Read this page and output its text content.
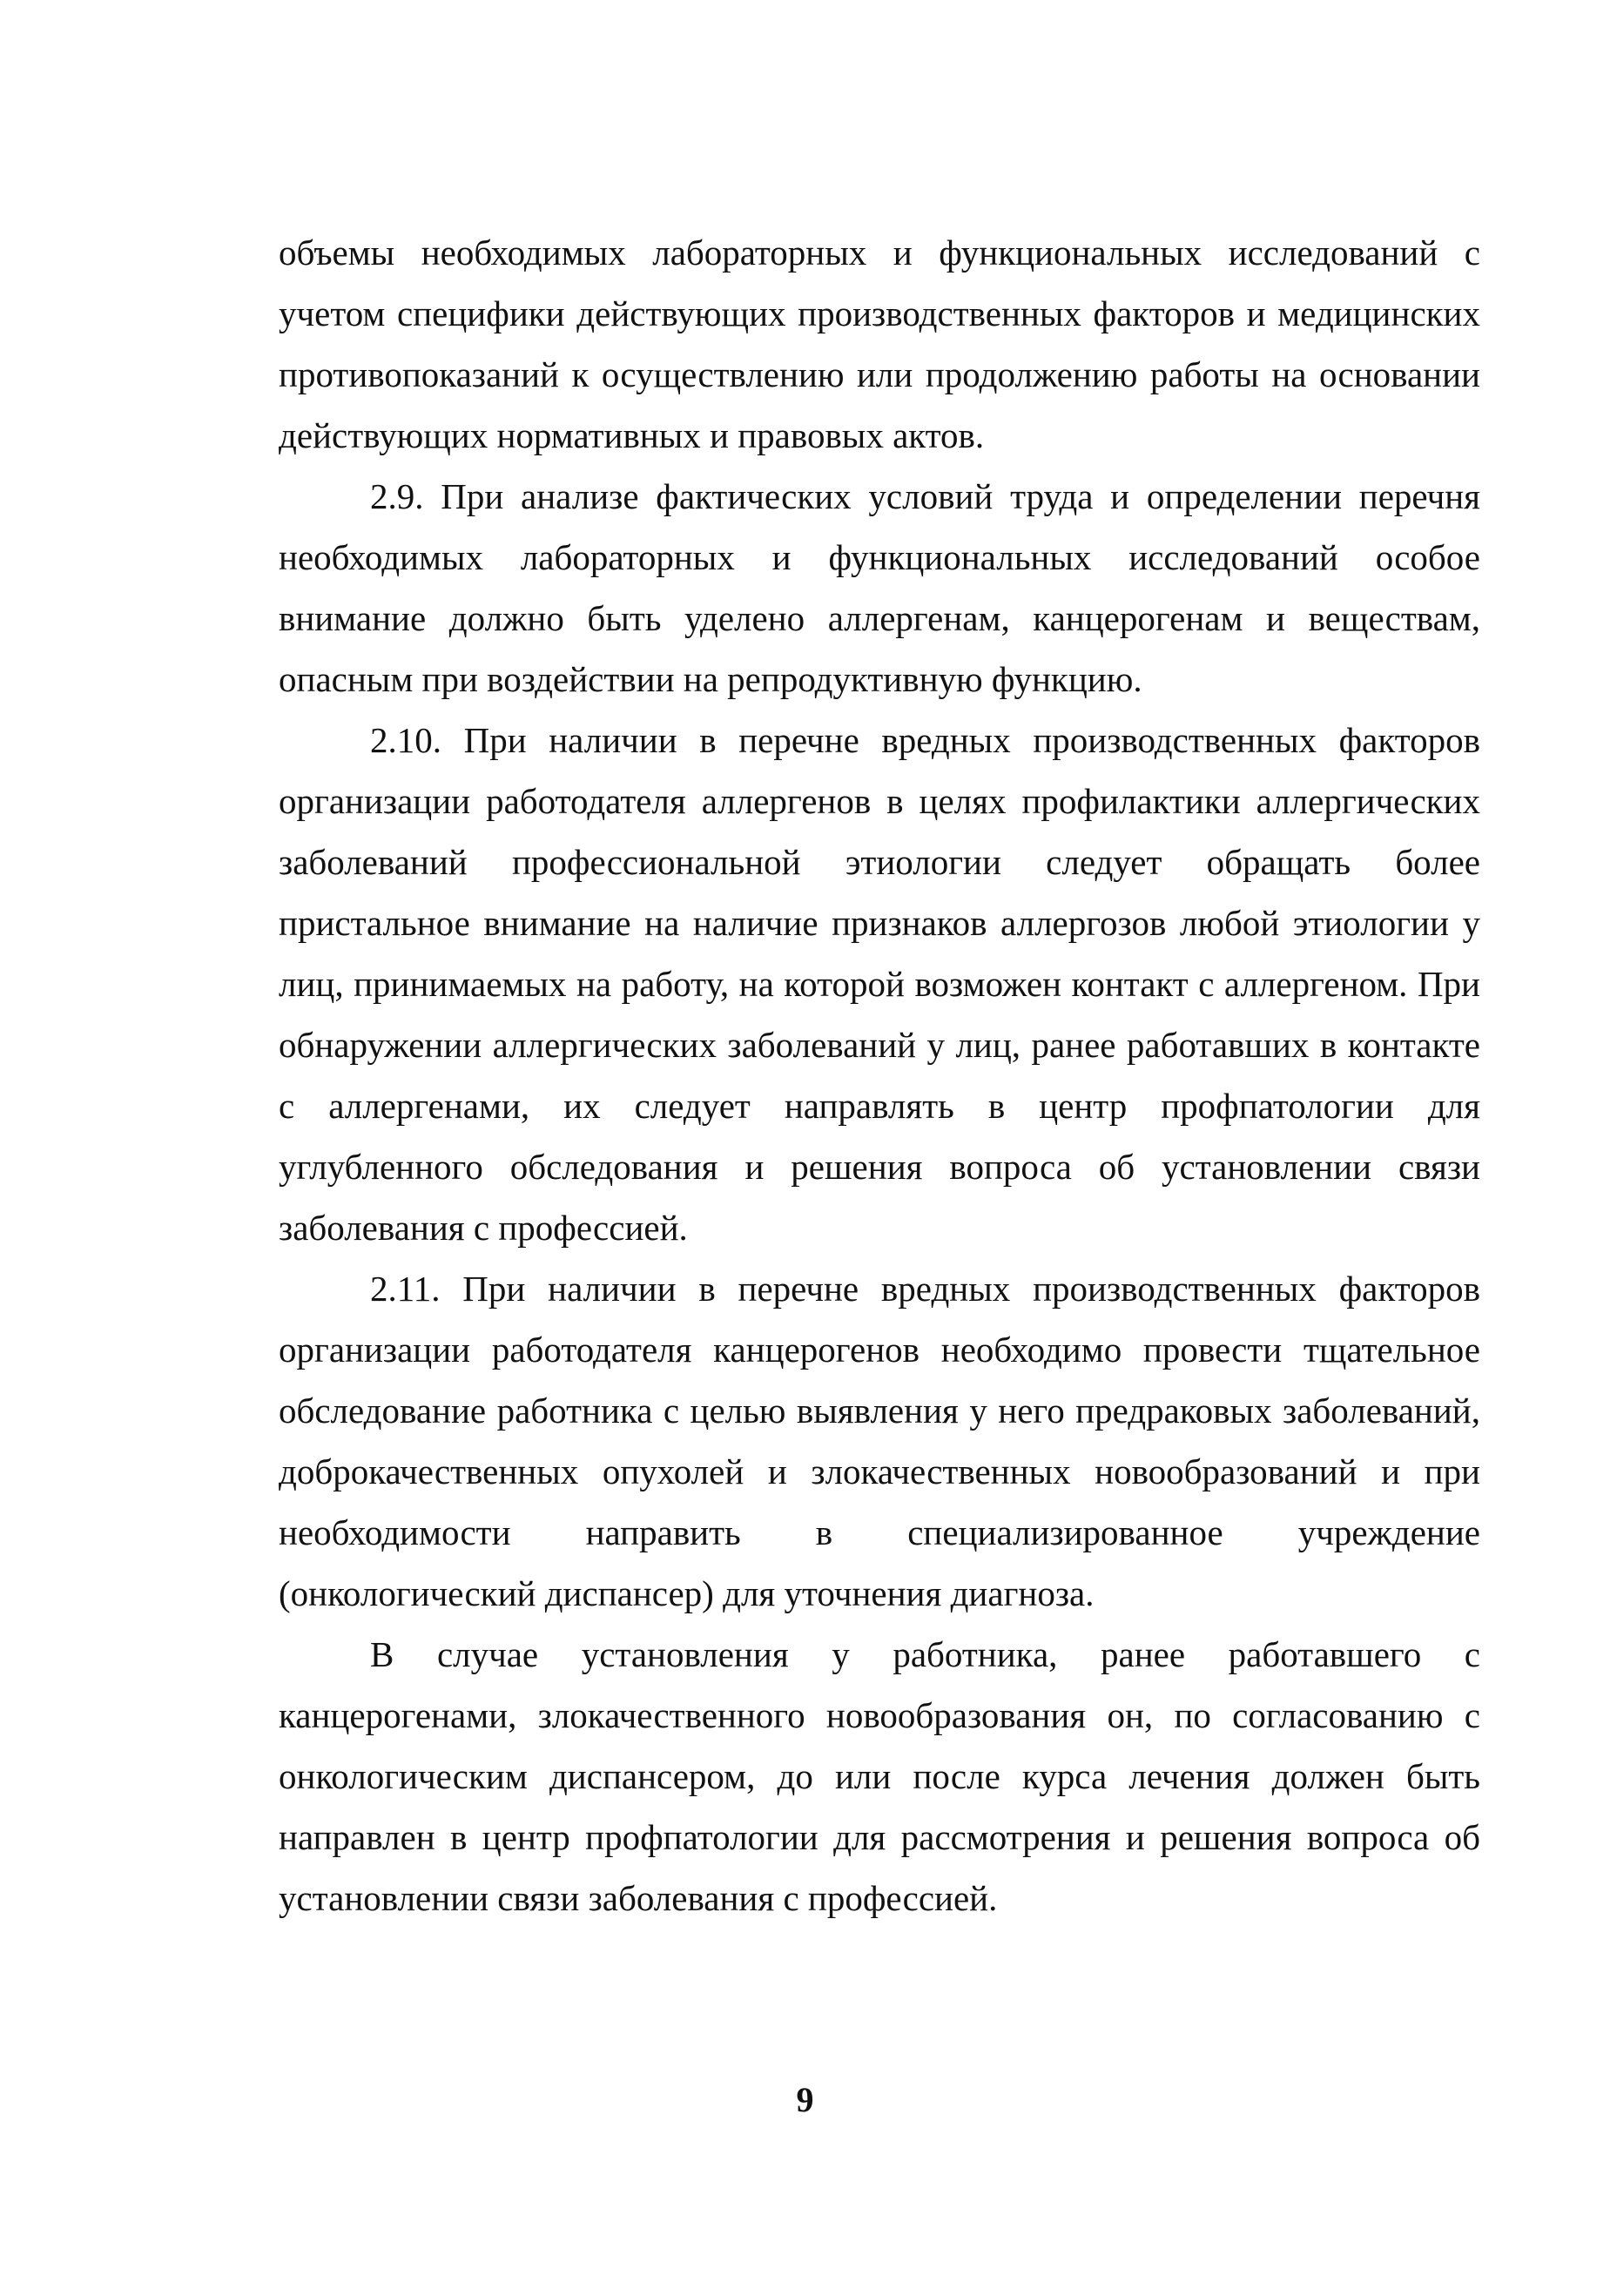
объемы необходимых лабораторных и функциональных исследований с учетом специфики действующих производственных факторов и медицинских противопоказаний к осуществлению или продолжению работы на основании действующих нормативных и правовых актов.

2.9. При анализе фактических условий труда и определении перечня необходимых лабораторных и функциональных исследований особое внимание должно быть уделено аллергенам, канцерогенам и веществам, опасным при воздействии на репродуктивную функцию.

2.10. При наличии в перечне вредных производственных факторов организации работодателя аллергенов в целях профилактики аллергических заболеваний профессиональной этиологии следует обращать более пристальное внимание на наличие признаков аллергозов любой этиологии у лиц, принимаемых на работу, на которой возможен контакт с аллергеном. При обнаружении аллергических заболеваний у лиц, ранее работавших в контакте с аллергенами, их следует направлять в центр профпатологии для углубленного обследования и решения вопроса об установлении связи заболевания с профессией.

2.11. При наличии в перечне вредных производственных факторов организации работодателя канцерогенов необходимо провести тщательное обследование работника с целью выявления у него предраковых заболеваний, доброкачественных опухолей и злокачественных новообразований и при необходимости направить в специализированное учреждение (онкологический диспансер) для уточнения диагноза.

В случае установления у работника, ранее работавшего с канцерогенами, злокачественного новообразования он, по согласованию с онкологическим диспансером, до или после курса лечения должен быть направлен в центр профпатологии для рассмотрения и решения вопроса об установлении связи заболевания с профессией.

9
